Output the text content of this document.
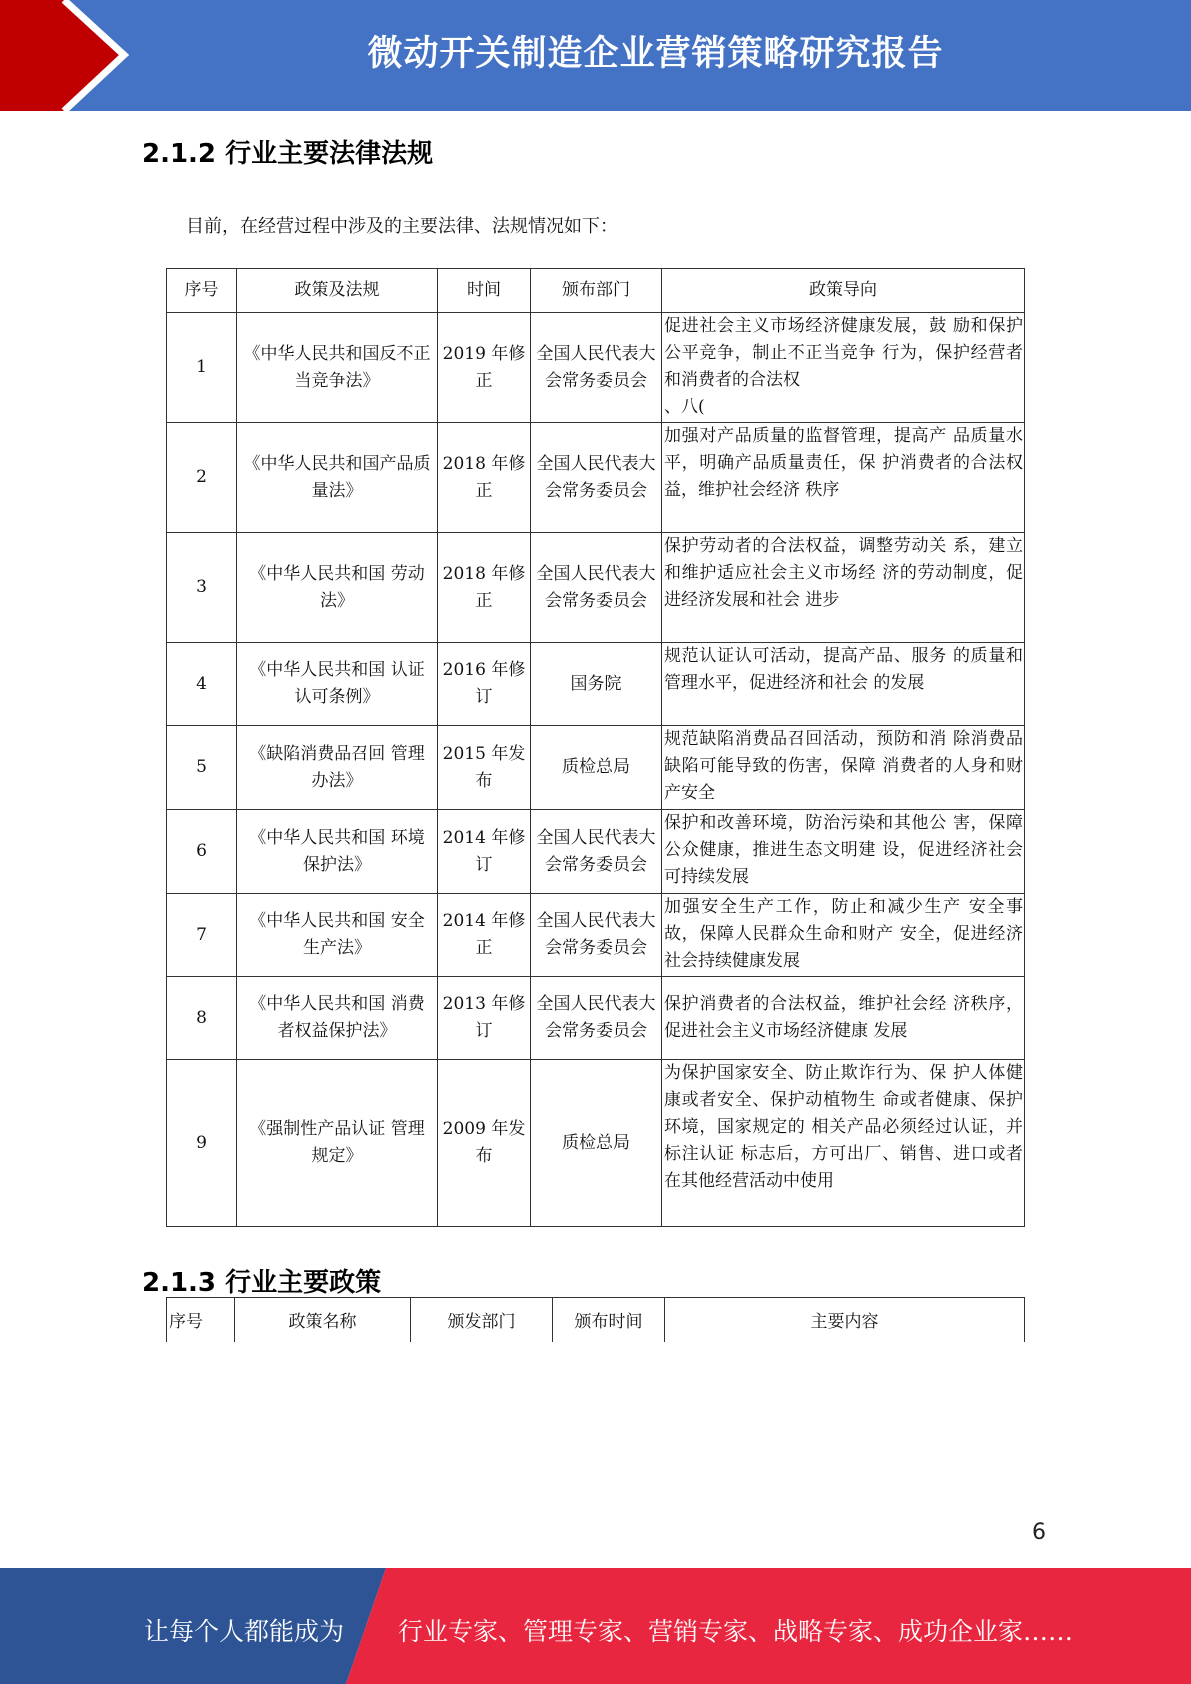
微动开关制造企业营销策略研究报告
2.1.2 行业主要法律法规
目前，在经营过程中涉及的主要法律、法规情况如下：
序号	政策及法规	时间	颁布部门	政策导向
1	《中华人民共和国反不正当竞争法》	2019 年修正	全国人民代表大会常务委员会	促进社会主义市场经济健康发展，鼓 励和保护公平竞争，制止不正当竞争 行为，保护经营者和消费者的合法权
、八(
2	《中华人民共和国产品质量法》	2018 年修正	全国人民代表大会常务委员会	加强对产品质量的监督管理，提高产 品质量水平，明确产品质量责任，保 护消费者的合法权益，维护社会经济 秩序
3	《中华人民共和国 劳动法》	2018 年修正	全国人民代表大会常务委员会	保护劳动者的合法权益，调整劳动关 系，建立和维护适应社会主义市场经 济的劳动制度，促进经济发展和社会 进步
4	《中华人民共和国 认证认可条例》	2016 年修订	国务院	规范认证认可活动，提高产品、服务 的质量和管理水平，促进经济和社会 的发展
5	《缺陷消费品召回 管理办法》	2015 年发布	质检总局	规范缺陷消费品召回活动，预防和消 除消费品缺陷可能导致的伤害，保障 消费者的人身和财产安全
6	《中华人民共和国 环境保护法》	2014 年修订	全国人民代表大会常务委员会	保护和改善环境，防治污染和其他公 害，保障公众健康，推进生态文明建 设，促进经济社会可持续发展
7	《中华人民共和国 安全生产法》	2014 年修正	全国人民代表大会常务委员会	加强安全生产工作，防止和减少生产 安全事故，保障人民群众生命和财产 安全，促进经济社会持续健康发展
8	《中华人民共和国 消费者权益保护法》	2013 年修订	全国人民代表大会常务委员会	保护消费者的合法权益，维护社会经 济秩序，促进社会主义市场经济健康 发展
9	《强制性产品认证 管理规定》	2009 年发布	质检总局	为保护国家安全、防止欺诈行为、保 护人体健康或者安全、保护动植物生 命或者健康、保护环境，国家规定的 相关产品必须经过认证，并标注认证 标志后，方可出厂、销售、进口或者 在其他经营活动中使用
2.1.3 行业主要政策
序号	政策名称	颁发部门	颁布时间	主要内容
6
让每个人都能成为 行业专家、管理专家、营销专家、战略专家、成功企业家……
